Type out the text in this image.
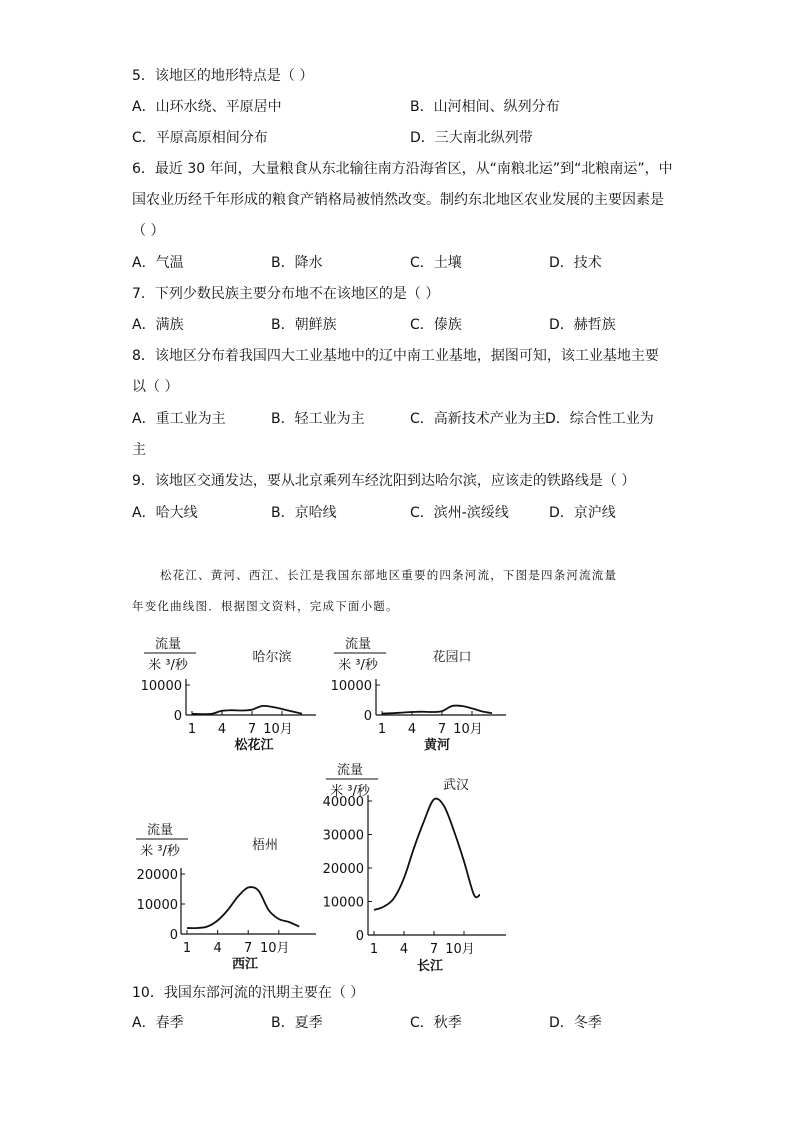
5．该地区的地形特点是（ ）
A．山环水绕、平原居中	B．山河相间、纵列分布
C．平原高原相间分布	D．三大南北纵列带
6．最近 30 年间，大量粮食从东北输往南方沿海省区，从“南粮北运”到“北粮南运”，中
国农业历经千年形成的粮食产销格局被悄然改变。制约东北地区农业发展的主要因素是
（ ）
A．气温	B．降水	C．土壤	D．技术
7．下列少数民族主要分布地不在该地区的是（ ）
A．满族	B．朝鲜族	C．傣族	D．赫哲族
8．该地区分布着我国四大工业基地中的辽中南工业基地，据图可知，该工业基地主要
以（ ）
A．重工业为主	B．轻工业为主	C．高新技术产业为主 D．综合性工业为
主
9．该地区交通发达，要从北京乘列车经沈阳到达哈尔滨，应该走的铁路线是（ ）
A．哈大线	B．京哈线	C．滨州-滨绥线	D．京沪线
松花江、黄河、西江、长江是我国东部地区重要的四条河流，下图是四条河流流量
年变化曲线图．根据图文资料，完成下面小题。
流量
米 ³/秒
哈尔滨
10000
0
1 4 7 10月
松花江
流量
米 ³/秒
花园口
10000
0
1 4 7 10月
黄河
流量
米 ³/秒	梧州
20000
10000
0
1 4 7 10月
西江
流量
米 ³/秒	武汉
40000
30000
20000
10000
0
1 4 7 10月
长江
10．我国东部河流的汛期主要在（ ）
A．春季	B．夏季	C．秋季	D．冬季
